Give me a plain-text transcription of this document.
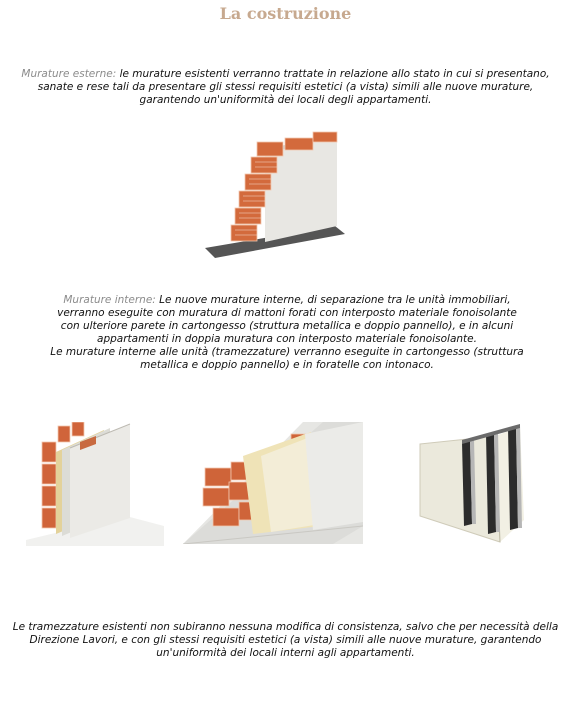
La costruzione
Murature esterne: le murature esistenti verranno trattate in relazione allo stato in cui si presentano, sanate e rese tali da presentare gli stessi requisiti estetici (a vista) simili alle nuove murature, garantendo un'uniformità dei locali degli appartamenti.
Murature interne: Le nuove murature interne, di separazione tra le unità immobiliari, verranno eseguite con muratura di mattoni forati con interposto materiale fonoisolante con ulteriore parete in cartongesso (struttura metallica e doppio pannello), e in alcuni appartamenti in doppia muratura con interposto materiale fonoisolante.
Le murature interne alle unità (tramezzature) verranno eseguite in cartongesso (struttura metallica e doppio pannello) e in foratelle con intonaco.
Le tramezzature esistenti non subiranno nessuna modifica di consistenza, salvo che per necessità della Direzione Lavori, e con gli stessi requisiti estetici (a vista) simili alle nuove murature, garantendo un'uniformità dei locali interni agli appartamenti.
